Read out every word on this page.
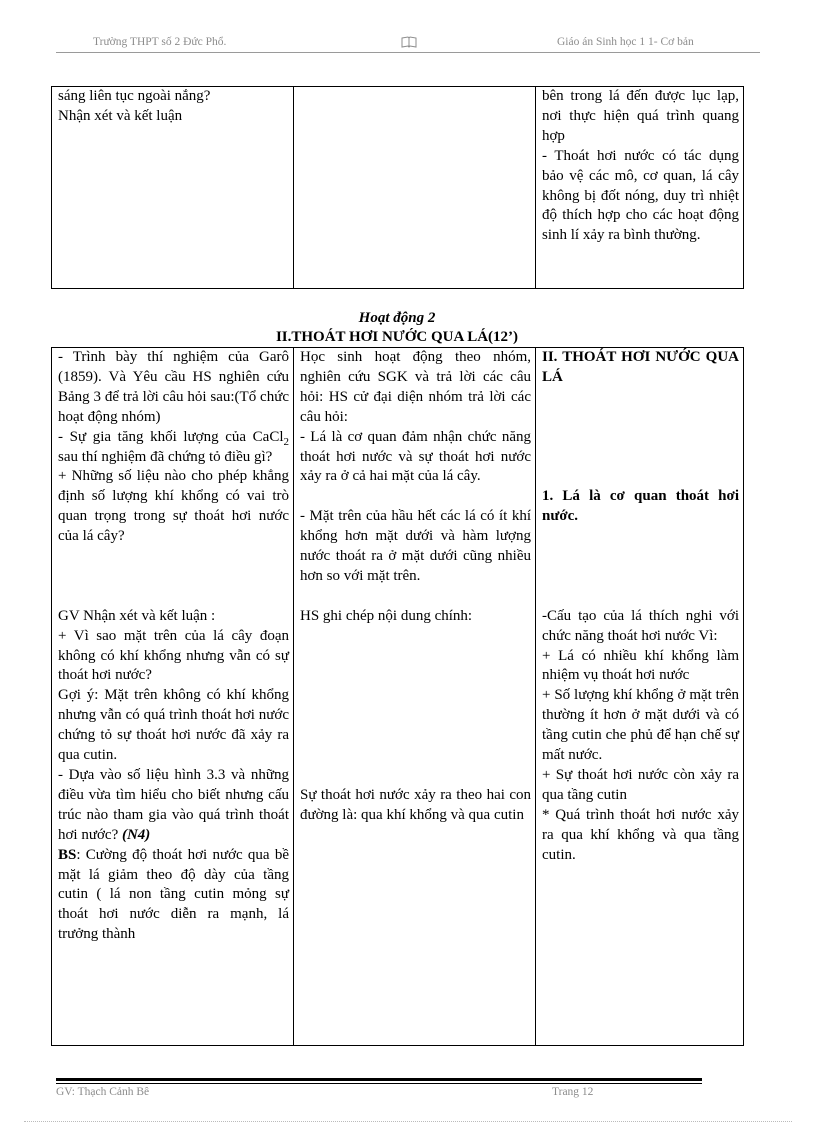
Trường THPT số 2 Đức Phổ.	Giáo án Sinh học 1 1- Cơ bản
sáng liên tục ngoài nắng?
Nhận xét và kết luận

bên trong lá đến được lục lạp, nơi thực hiện quá trình quang hợp
- Thoát hơi nước có tác dụng bảo vệ các mô, cơ quan, lá cây không bị đốt nóng, duy trì nhiệt độ thích hợp cho các hoạt động sinh lí xảy ra bình thường.
Hoạt động 2
II.THOÁT HƠI NƯỚC QUA LÁ(12’)
- Trình bày thí nghiệm của Garô (1859). Và Yêu cầu HS nghiên cứu Bảng 3 để trả lời câu hỏi sau:(Tổ chức hoạt động nhóm)
- Sự gia tăng khối lượng của CaCl$_2$ sau thí nghiệm đã chứng tỏ điều gì?
+ Những số liệu nào cho phép khẳng định số lượng khí khổng có vai trò quan trọng trong sự thoát hơi nước của lá cây?
GV Nhận xét và kết luận :
+ Vì sao mặt trên của lá cây đoạn không có khí khổng nhưng vẫn có sự thoát hơi nước?
Gợi ý: Mặt trên không có khí khổng nhưng vẫn có quá trình thoát hơi nước chứng tỏ sự thoát hơi nước đã xảy ra qua cutin.
- Dựa vào số liệu hình 3.3 và những điều vừa tìm hiểu cho biết nhưng cấu trúc nào tham gia vào quá trình thoát hơi nước? (N4)
BS: Cường độ thoát hơi nước qua bề mặt lá giảm theo độ dày của tầng cutin ( lá non tầng cutin mỏng sự thoát hơi nước diễn ra mạnh, lá trưởng thành

Học sinh hoạt động theo nhóm, nghiên cứu SGK và trả lời các câu hỏi: HS cử đại diện nhóm trả lời các câu hỏi:
- Lá là cơ quan đảm nhận chức năng thoát hơi nước và sự thoát hơi nước xảy ra ở cả hai mặt của lá cây.
- Mặt trên của hầu hết các lá có ít khí khổng hơn mặt dưới và hàm lượng nước thoát ra ở mặt dưới cũng nhiều hơn so với mặt trên.
HS ghi chép nội dung chính:
Sự thoát hơi nước xảy ra theo hai con đường là: qua khí khổng và qua cutin

II. THOÁT HƠI NƯỚC QUA LÁ
1. Lá là cơ quan thoát hơi nước.
-Cấu tạo của lá thích nghi với chức năng thoát hơi nước Vì:
+ Lá có nhiều khí khổng làm nhiệm vụ thoát hơi nước
+ Số lượng khí khổng ở mặt trên thường ít hơn ở mặt dưới và có tầng cutin che phủ để hạn chế sự mất nước.
+ Sự thoát hơi nước còn xảy ra qua tầng cutin
* Quá trình thoát hơi nước xảy ra qua khí khổng và qua tầng cutin.
GV: Thạch Cảnh Bê	Trang 12
